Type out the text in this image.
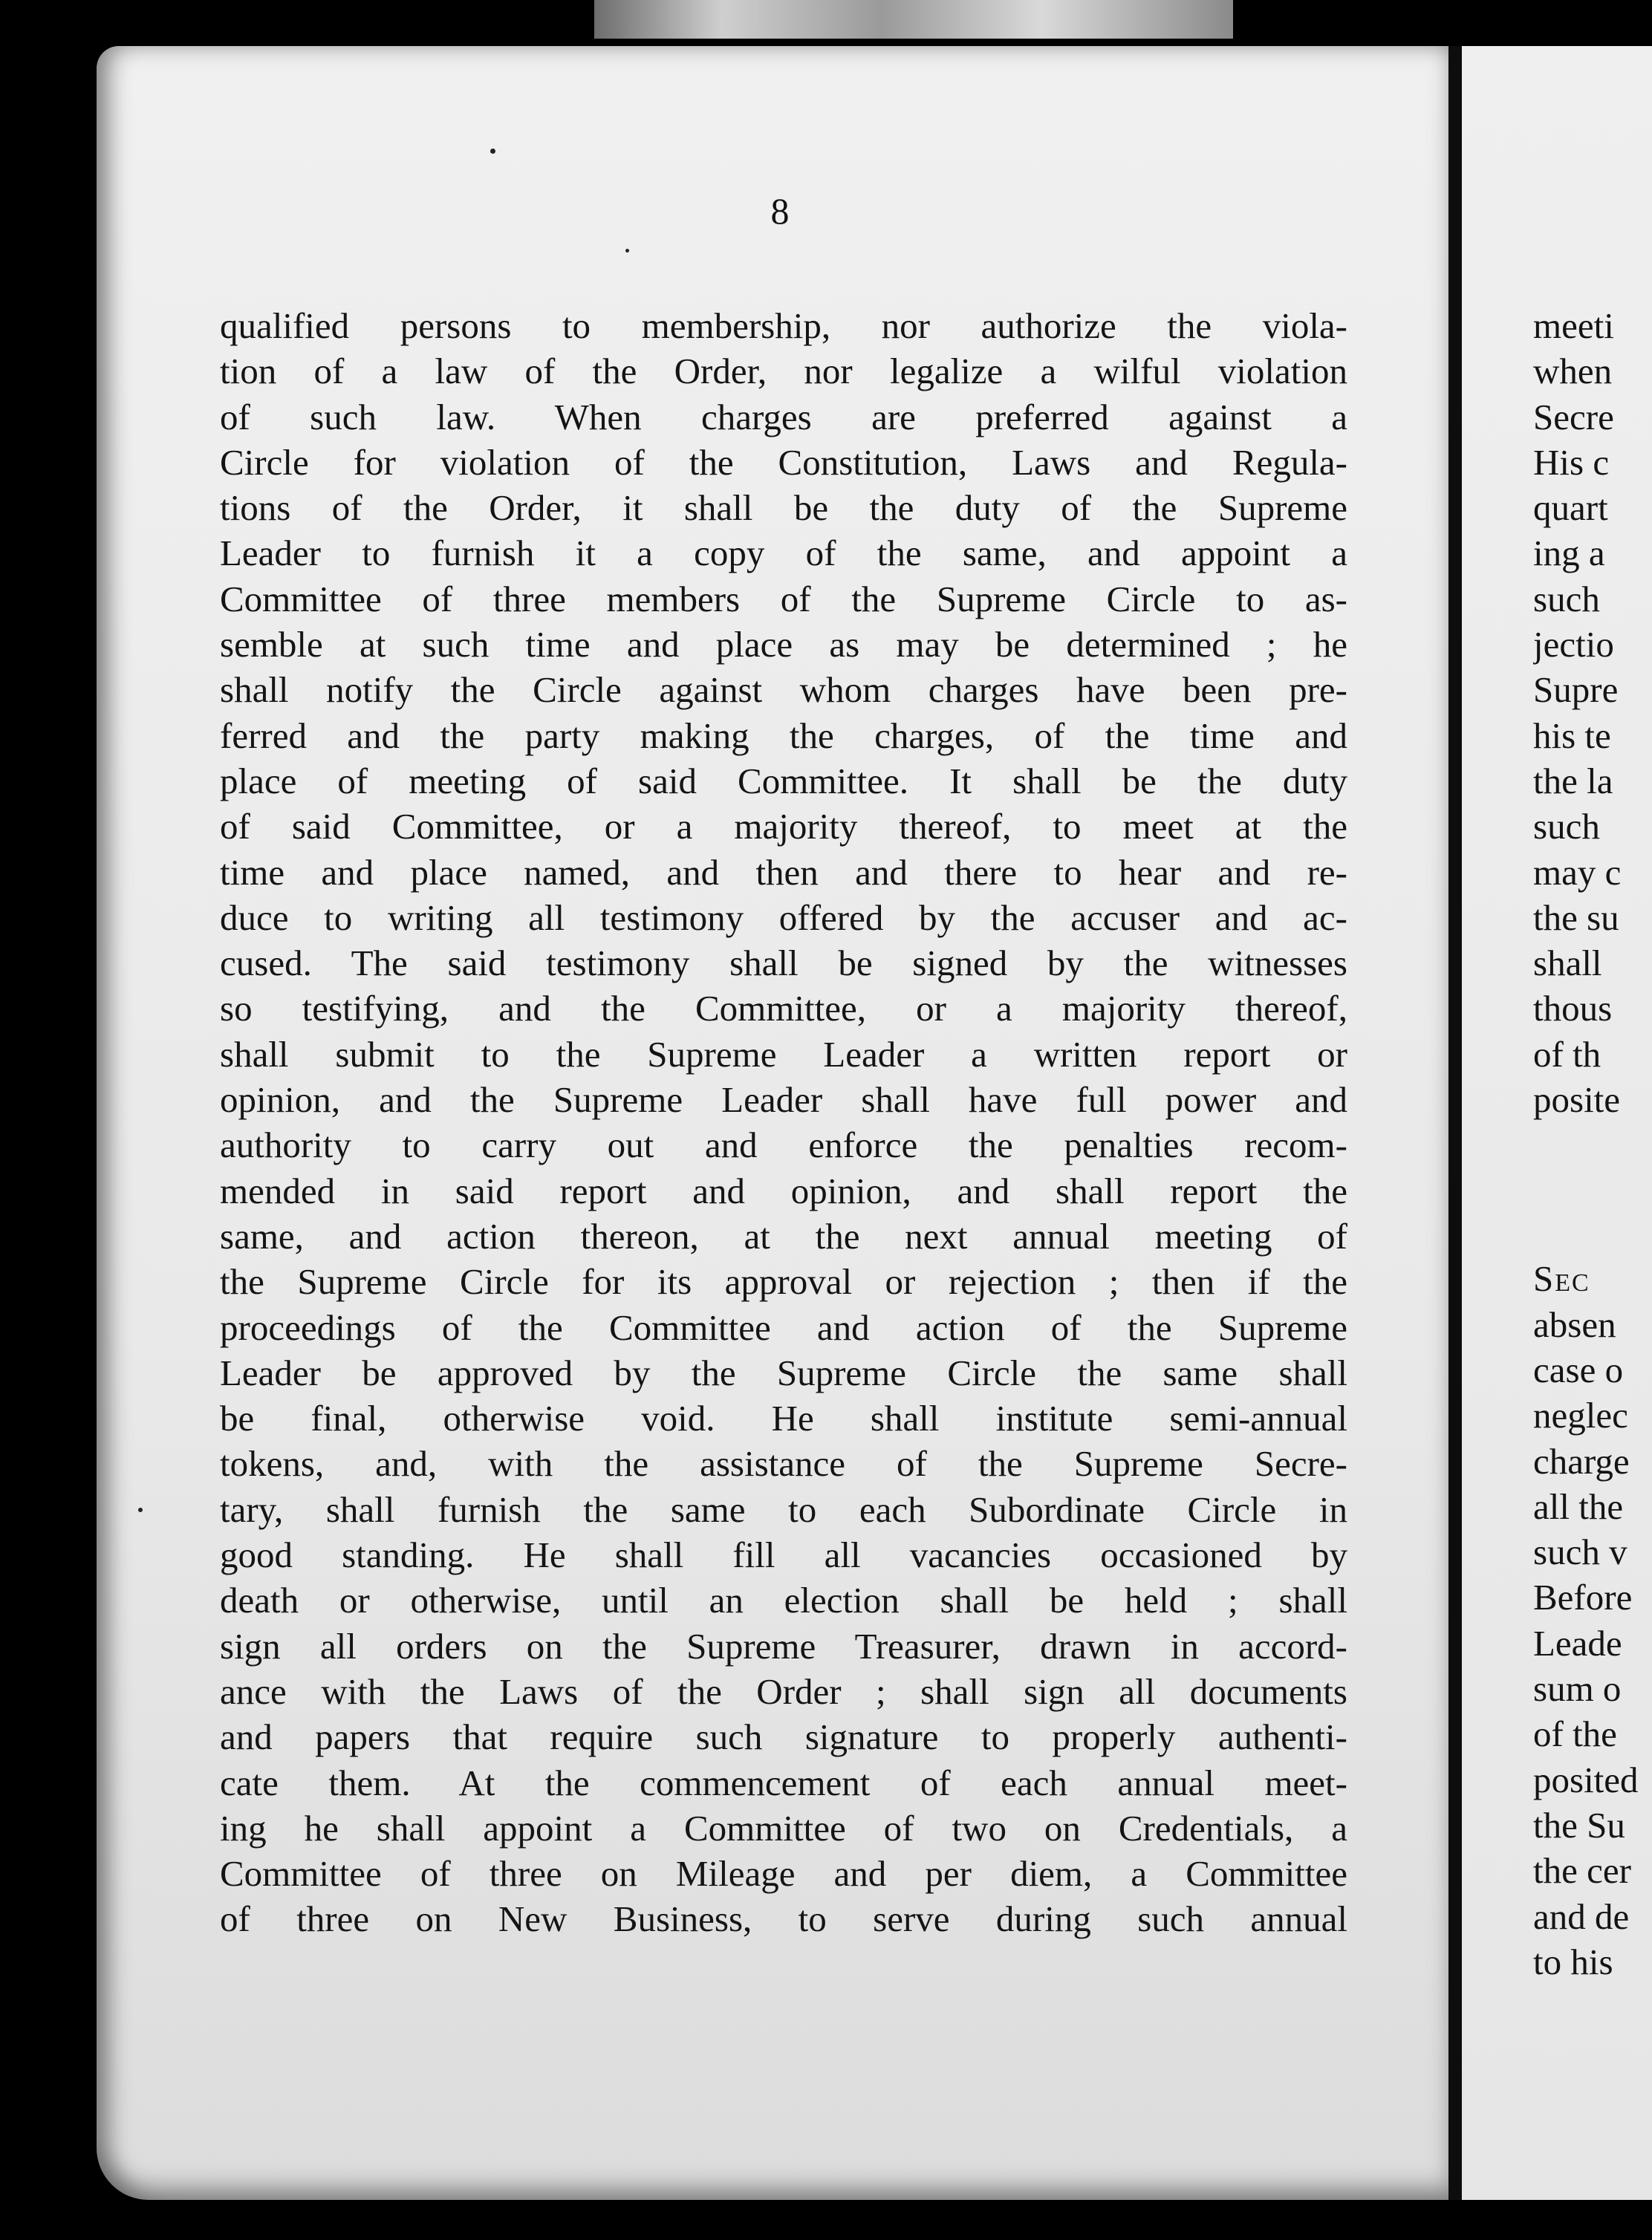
8
qualified persons to membership, nor authorize the viola-
tion of a law of the Order, nor legalize a wilful violation
of such law. When charges are preferred against a
Circle for violation of the Constitution, Laws and Regula-
tions of the Order, it shall be the duty of the Supreme
Leader to furnish it a copy of the same, and appoint a
Committee of three members of the Supreme Circle to as-
semble at such time and place as may be determined ; he
shall notify the Circle against whom charges have been pre-
ferred and the party making the charges, of the time and
place of meeting of said Committee. It shall be the duty
of said Committee, or a majority thereof, to meet at the
time and place named, and then and there to hear and re-
duce to writing all testimony offered by the accuser and ac-
cused. The said testimony shall be signed by the witnesses
so testifying, and the Committee, or a majority thereof,
shall submit to the Supreme Leader a written report or
opinion, and the Supreme Leader shall have full power and
authority to carry out and enforce the penalties recom-
mended in said report and opinion, and shall report the
same, and action thereon, at the next annual meeting of
the Supreme Circle for its approval or rejection ; then if the
proceedings of the Committee and action of the Supreme
Leader be approved by the Supreme Circle the same shall
be final, otherwise void. He shall institute semi-annual
tokens, and, with the assistance of the Supreme Secre-
tary, shall furnish the same to each Subordinate Circle in
good standing. He shall fill all vacancies occasioned by
death or otherwise, until an election shall be held ; shall
sign all orders on the Supreme Treasurer, drawn in accord-
ance with the Laws of the Order ; shall sign all documents
and papers that require such signature to properly authenti-
cate them. At the commencement of each annual meet-
ing he shall appoint a Committee of two on Credentials, a
Committee of three on Mileage and per diem, a Committee
of three on New Business, to serve during such annual
meeti
when
Secre
His c
quart
ing a
such
jectio
Supre
his te
the la
such
may c
the su
shall
thous
of th
posite
Sec
absen
case o
neglec
charge
all the
such v
Before
Leade
sum o
of the
posited
the Su
the cer
and de
to his
